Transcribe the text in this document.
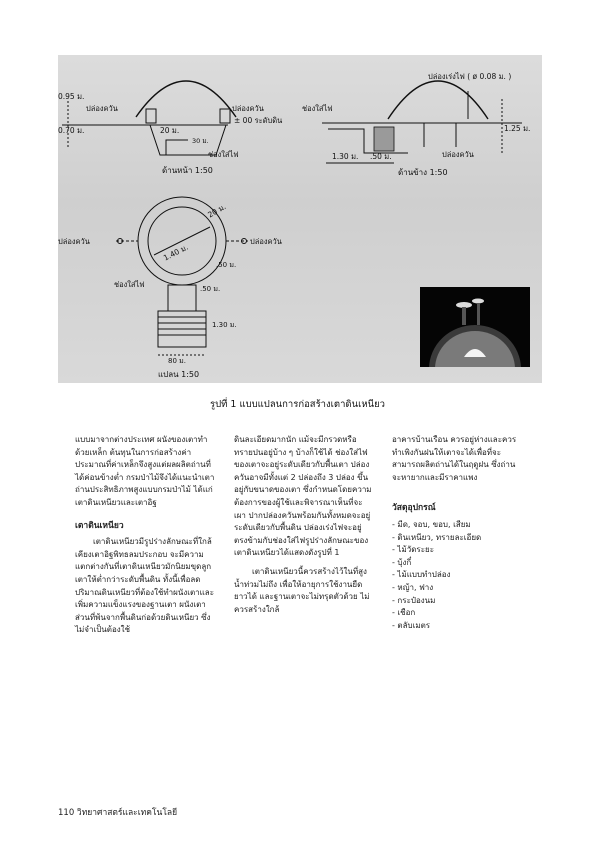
0.95 ม.
0.70 ม.
ปล่องควัน	ปล่องควัน
20 ม.
30 ม.
± 00 ระดับดิน
ช่องใส่ไฟ
ด้านหน้า 1:50
ช่องใส่ไฟ
ปล่องเร่งไฟ ( ø 0.08 ม. )
1.25 ม.
1.30 ม. .50 ม.	ปล่องควัน
ด้านข้าง 1:50
ปล่องควัน	ปล่องควัน
1.40 ม.
20 ม.
.50 ม.
ช่องใส่ไฟ	.50 ม.
1.30 ม.
80 ม.
แปลน 1:50
รูปที่ 1 แบบแปลนการก่อสร้างเตาดินเหนียว

แบบมาจากต่างประเทศ ผนังของเตาทำด้วยเหล็ก ต้นทุนในการก่อสร้างค่าประมาณที่ค่าเหล็กจึงสูงแต่ผลผลิตถ่านที่ได้ค่อนข้างต่ำ กรมป่าไม้จึงได้แนะนำเตาถ่านประสิทธิภาพสูงแบบกรมป่าไม้ ได้แก่ เตาดินเหนียวและเตาอิฐ

เตาดินเหนียว

เตาดินเหนียวมีรูปร่างลักษณะที่ใกล้เคียงเตาอิฐพิทธลมประกอบ จะมีความแตกต่างกันที่เตาดินเหนียวมักนิยมขุดลูกเตาให้ต่ำกว่าระดับพื้นดิน ทั้งนี้เพื่อลดปริมาณดินเหนียวที่ต้องใช้ทำผนังเตาและเพิ่มความแข็งแรงของฐานเตา ผนังเตาส่วนที่พ้นจากพื้นดินก่อด้วยดินเหนียว ซึ่งไม่จำเป็นต้องใช้

ดินละเอียดมากนัก แม้จะมีกรวดหรือทรายปนอยู่บ้าง ๆ บ้างก็ใช้ได้ ช่องใส่ไฟของเตาจะอยู่ระดับเดียวกับพื้นเตา ปล่องควันอาจมีทั้งแต่ 2 ปล่องถึง 3 ปล่อง ขึ้นอยู่กับขนาดของเตา ซึ่งกำหนดโดยความต้องการของผู้ใช้และพิจารณาเห็นที่จะเผา ปากปล่องควันพร้อมกันทั้งหมดจะอยู่ระดับเดียวกับพื้นดิน ปล่องเร่งไฟจะอยู่ตรงข้ามกับช่องใส่ไฟรูปร่างลักษณะของเตาดินเหนียวได้แสดงดังรูปที่ 1

เตาดินเหนียวนี้ควรสร้างไว้ในที่สูง น้ำท่วมไม่ถึง เพื่อให้อายุการใช้งานยืดยาวได้ และฐานเตาจะไม่ทรุดตัวด้วย ไม่ควรสร้างใกล้

อาคารบ้านเรือน ควรอยู่ห่างและควรทำเพิงกันฝนให้เตาจะได้เพื่อที่จะสามารถผลิตถ่านได้ในฤดูฝน ซึ่งถ่านจะหายากและมีราคาแพง

วัสดุอุปกรณ์

- มีด, จอบ, ขอบ, เสียม
- ดินเหนียว, ทรายละเอียด
- ไม้วัดระยะ
- บุ้งกี๋
- ไม้แบบทำปล่อง
- หญ้า, ฟาง
- กระป๋องนม
- เชือก
- ตลับเมตร
110 วิทยาศาสตร์และเทคโนโลยี
